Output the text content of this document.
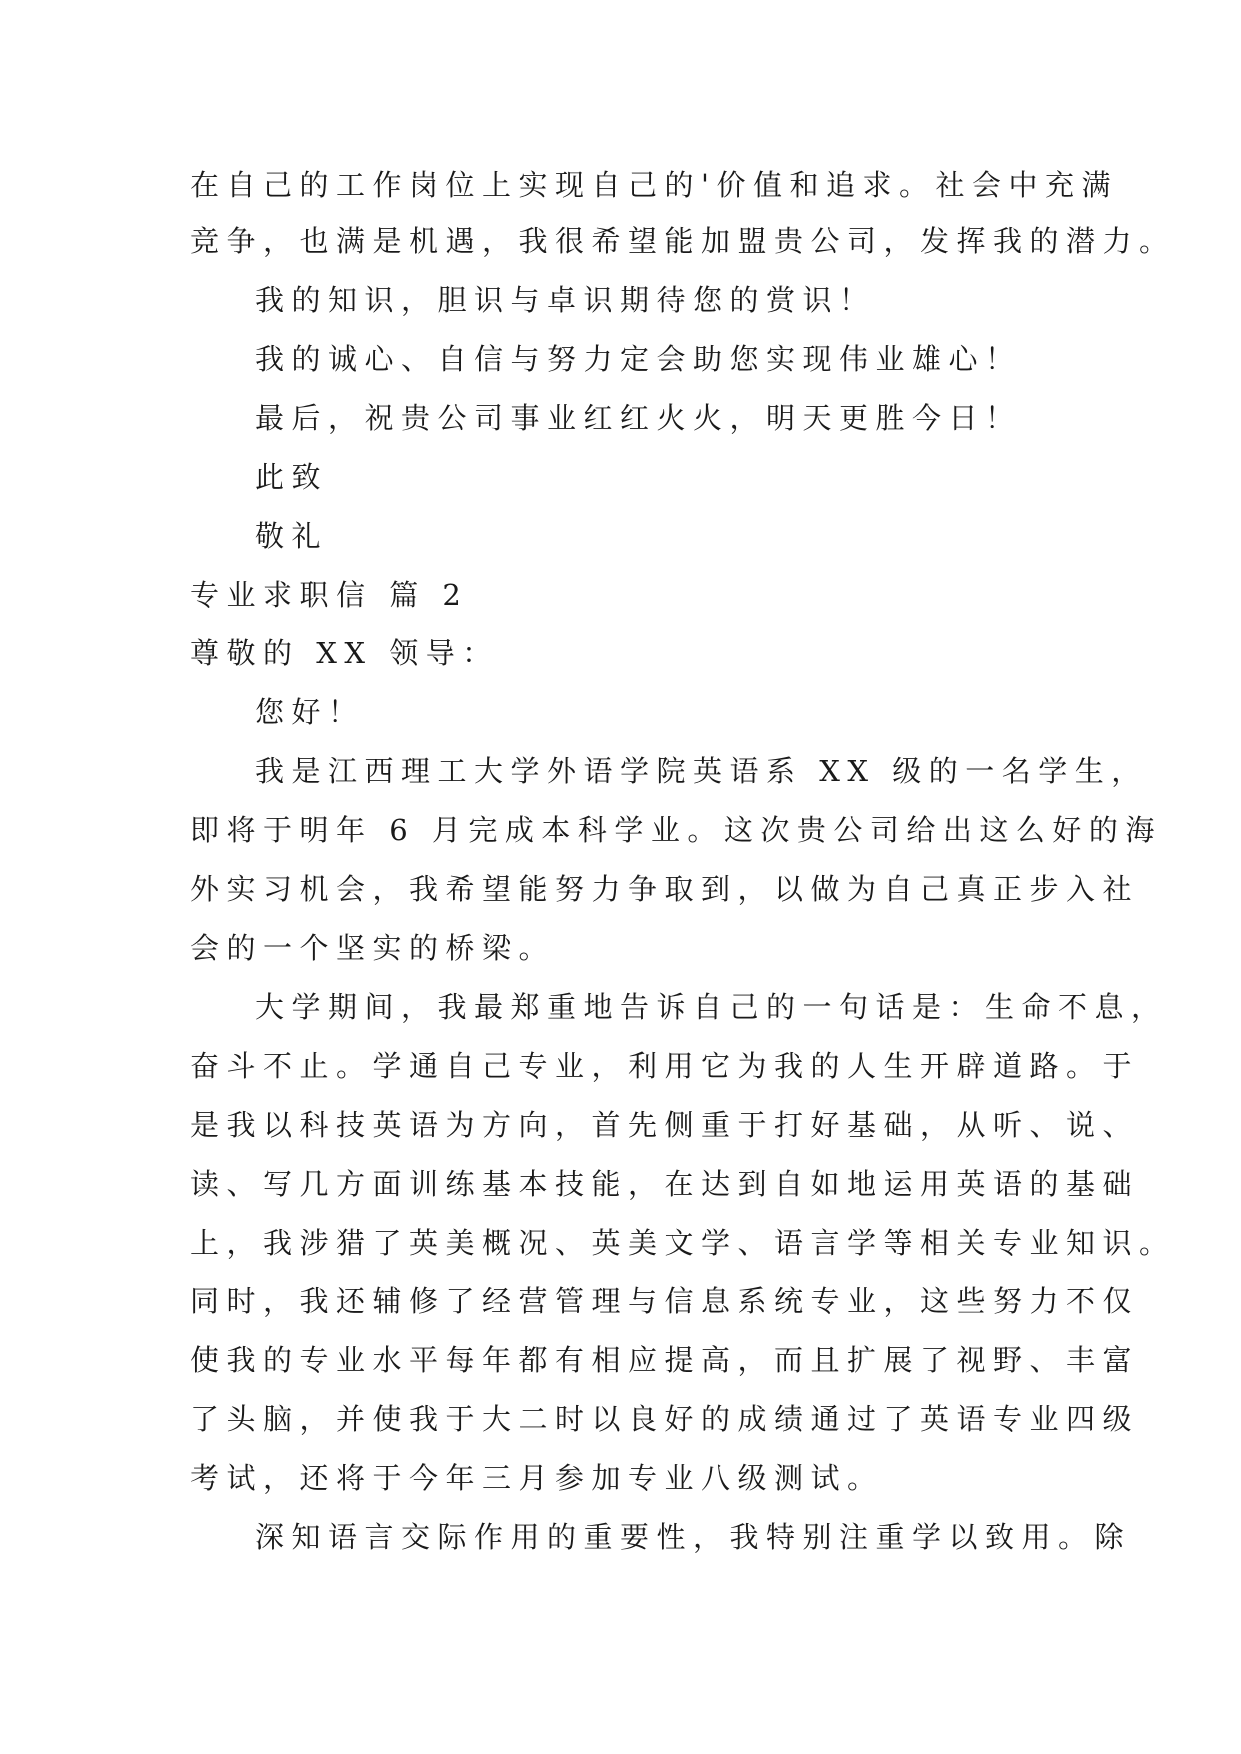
在自己的工作岗位上实现自己的'价值和追求。社会中充满
竞争，也满是机遇，我很希望能加盟贵公司，发挥我的潜力。
我的知识，胆识与卓识期待您的赏识！
我的诚心、自信与努力定会助您实现伟业雄心！
最后，祝贵公司事业红红火火，明天更胜今日！
此致
敬礼
专业求职信 篇 2
尊敬的 XX 领导：
您好！
我是江西理工大学外语学院英语系 XX 级的一名学生，
即将于明年 6 月完成本科学业。这次贵公司给出这么好的海
外实习机会，我希望能努力争取到，以做为自己真正步入社
会的一个坚实的桥梁。
大学期间，我最郑重地告诉自己的一句话是：生命不息，
奋斗不止。学通自己专业，利用它为我的人生开辟道路。于
是我以科技英语为方向，首先侧重于打好基础，从听、说、
读、写几方面训练基本技能，在达到自如地运用英语的基础
上，我涉猎了英美概况、英美文学、语言学等相关专业知识。
同时，我还辅修了经营管理与信息系统专业，这些努力不仅
使我的专业水平每年都有相应提高，而且扩展了视野、丰富
了头脑，并使我于大二时以良好的成绩通过了英语专业四级
考试，还将于今年三月参加专业八级测试。
深知语言交际作用的重要性，我特别注重学以致用。除
